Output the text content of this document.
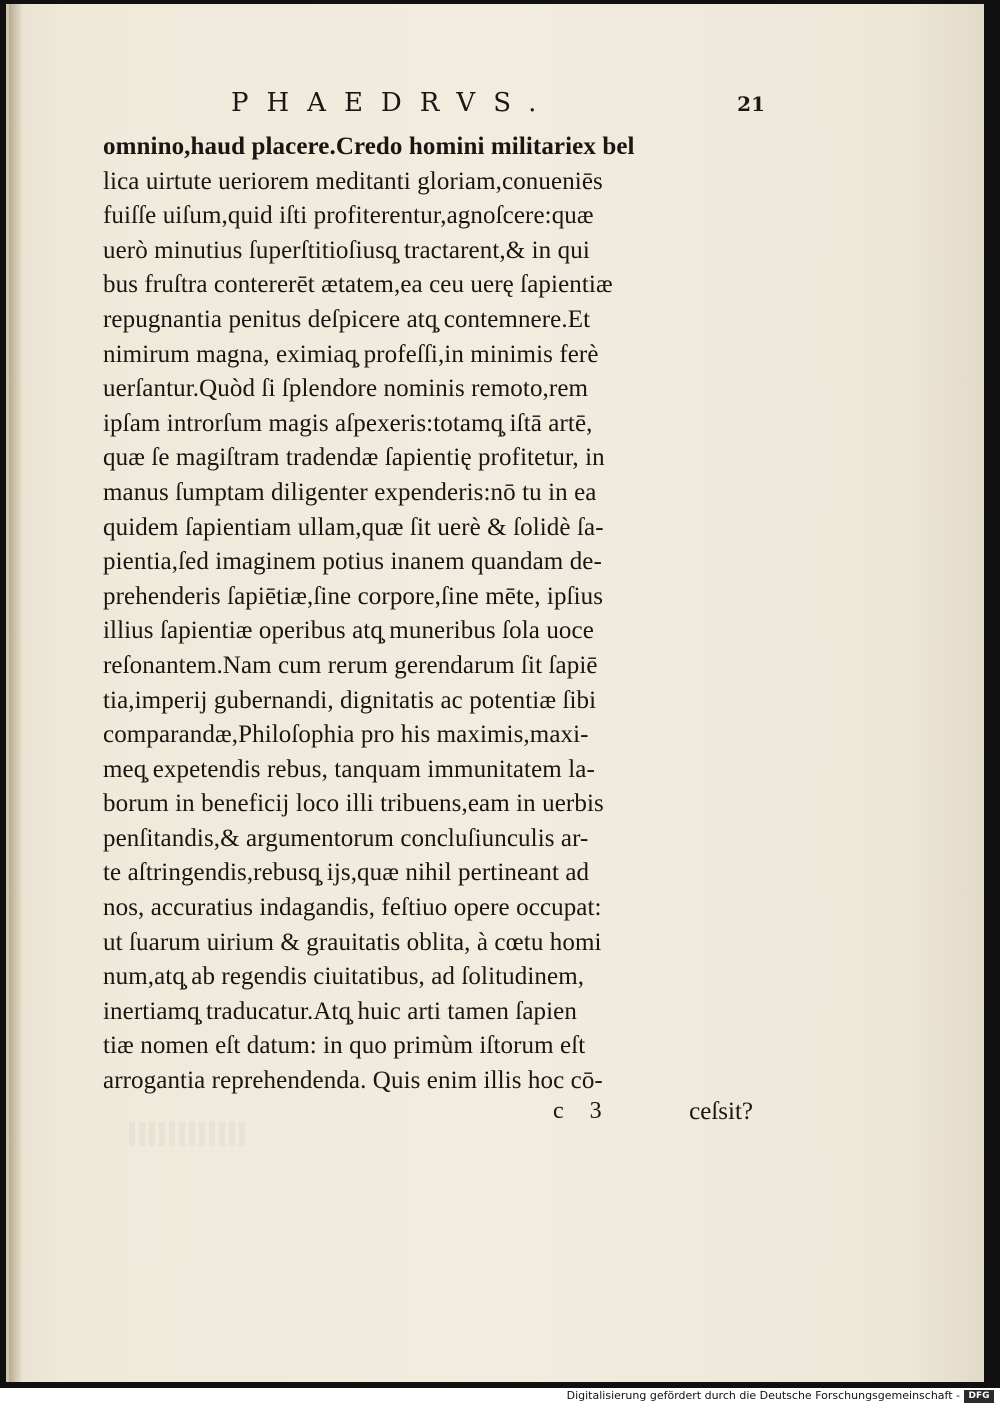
PHAEDRVS.	21
omnino,haud placere.Credo homini militariex bel
lica uirtute ueriorem meditanti gloriam,conueniēs
fuiſſe uiſum,quid iſti profiterentur,agnoſcere:quæ
uerò minutius ſuperſtitioſiusq̧ tractarent,& in qui
bus fruſtra contererēt ætatem,ea ceu uerę ſapientiæ
repugnantia penitus deſpicere atq̧ contemnere.Et
nimirum magna, eximiaq̧ profeſſi,in minimis ferè
uerſantur.Quòd ſi ſplendore nominis remoto,rem
ipſam introrſum magis aſpexeris:totamq̧ iſtā artē,
quæ ſe magiſtram tradendæ ſapientię profitetur, in
manus ſumptam diligenter expenderis:nō tu in ea
quidem ſapientiam ullam,quæ ſit uerè & ſolidè ſa-
pientia,ſed imaginem potius inanem quandam de-
prehenderis ſapiētiæ,ſine corpore,ſine mēte, ipſius
illius ſapientiæ operibus atq̧ muneribus ſola uoce
reſonantem.Nam cum rerum gerendarum ſit ſapiē
tia,imperij gubernandi, dignitatis ac potentiæ ſibi
comparandæ,Philoſophia pro his maximis,maxi-
meq̧ expetendis rebus, tanquam immunitatem la-
borum in beneficij loco illi tribuens,eam in uerbis
penſitandis,& argumentorum concluſiunculis ar-
te aſtringendis,rebusq̧ ijs,quæ nihil pertineant ad
nos, accuratius indagandis, feſtiuo opere occupat:
ut ſuarum uirium & grauitatis oblita, à cœtu homi
num,atq̧ ab regendis ciuitatibus, ad ſolitudinem,
inertiamq̧ traducatur.Atq̧ huic arti tamen ſapien
tiæ nomen eſt datum: in quo primùm iſtorum eſt
arrogantia reprehendenda. Quis enim illis hoc cō-
c 3	ceſsit?
Digitalisierung gefördert durch die Deutsche Forschungsgemeinschaft - DFG
